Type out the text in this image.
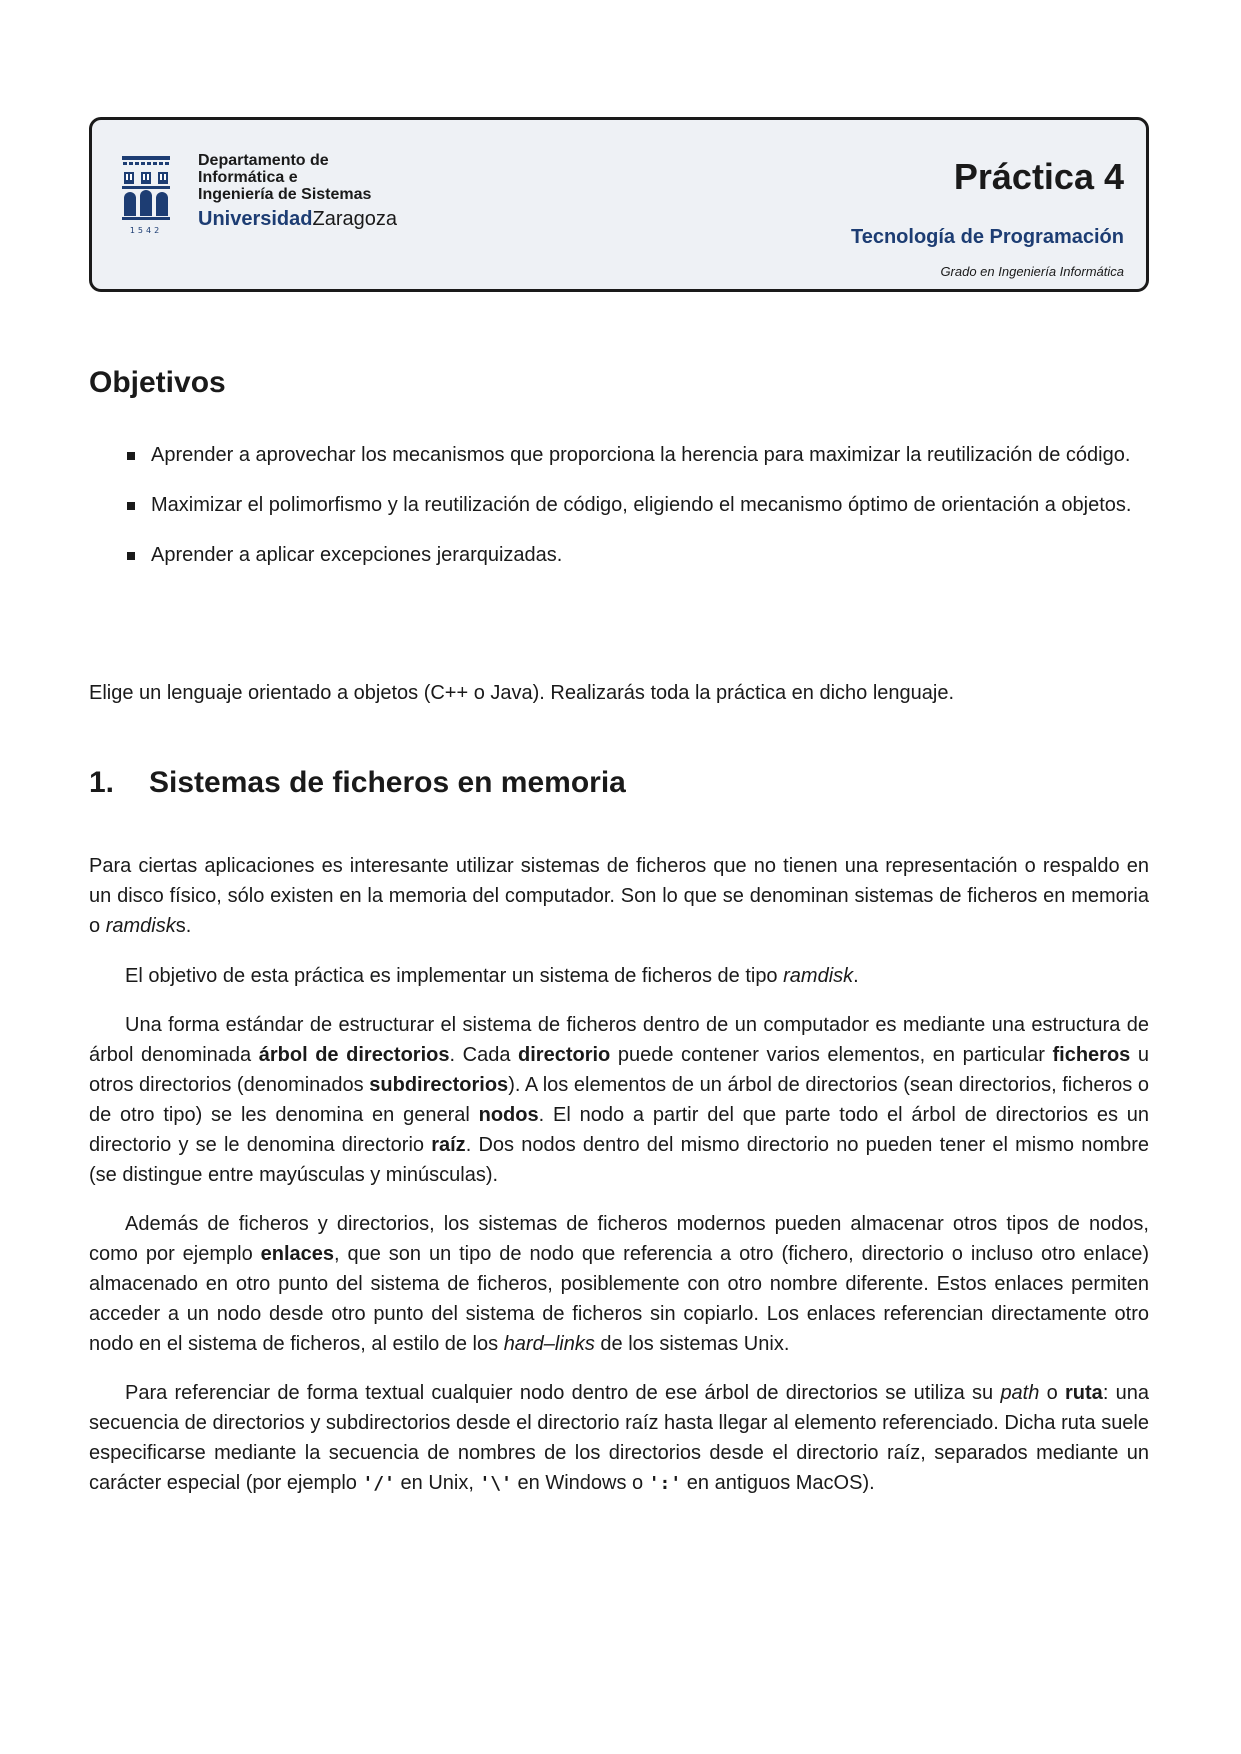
1542
Departamento de
Informática e
Ingeniería de Sistemas
UniversidadZaragoza
Práctica 4
Tecnología de Programación
Grado en Ingeniería Informática
Objetivos
Aprender a aprovechar los mecanismos que proporciona la herencia para maximizar la reutilización de código.
Maximizar el polimorfismo y la reutilización de código, eligiendo el mecanismo óptimo de orientación a objetos.
Aprender a aplicar excepciones jerarquizadas.

Elige un lenguaje orientado a objetos (C++ o Java). Realizarás toda la práctica en dicho lenguaje.

1. Sistemas de ficheros en memoria

Para ciertas aplicaciones es interesante utilizar sistemas de ficheros que no tienen una representación o respaldo en un disco físico, sólo existen en la memoria del computador. Son lo que se denominan sistemas de ficheros en memoria o ramdisks.

El objetivo de esta práctica es implementar un sistema de ficheros de tipo ramdisk.

Una forma estándar de estructurar el sistema de ficheros dentro de un computador es mediante una estructura de árbol denominada árbol de directorios. Cada directorio puede contener varios elementos, en particular ficheros u otros directorios (denominados subdirectorios). A los elementos de un árbol de directorios (sean directorios, ficheros o de otro tipo) se les denomina en general nodos. El nodo a partir del que parte todo el árbol de directorios es un directorio y se le denomina directorio raíz. Dos nodos dentro del mismo directorio no pueden tener el mismo nombre (se distingue entre mayúsculas y minúsculas).

Además de ficheros y directorios, los sistemas de ficheros modernos pueden almacenar otros tipos de nodos, como por ejemplo enlaces, que son un tipo de nodo que referencia a otro (fichero, directorio o incluso otro enlace) almacenado en otro punto del sistema de ficheros, posiblemente con otro nombre diferente. Estos enlaces permiten acceder a un nodo desde otro punto del sistema de ficheros sin copiarlo. Los enlaces referencian directamente otro nodo en el sistema de ficheros, al estilo de los hard–links de los sistemas Unix.

Para referenciar de forma textual cualquier nodo dentro de ese árbol de directorios se utiliza su path o ruta: una secuencia de directorios y subdirectorios desde el directorio raíz hasta llegar al elemento referenciado. Dicha ruta suele especificarse mediante la secuencia de nombres de los directorios desde el directorio raíz, separados mediante un carácter especial (por ejemplo '/' en Unix, '\' en Windows o ':' en antiguos MacOS).
